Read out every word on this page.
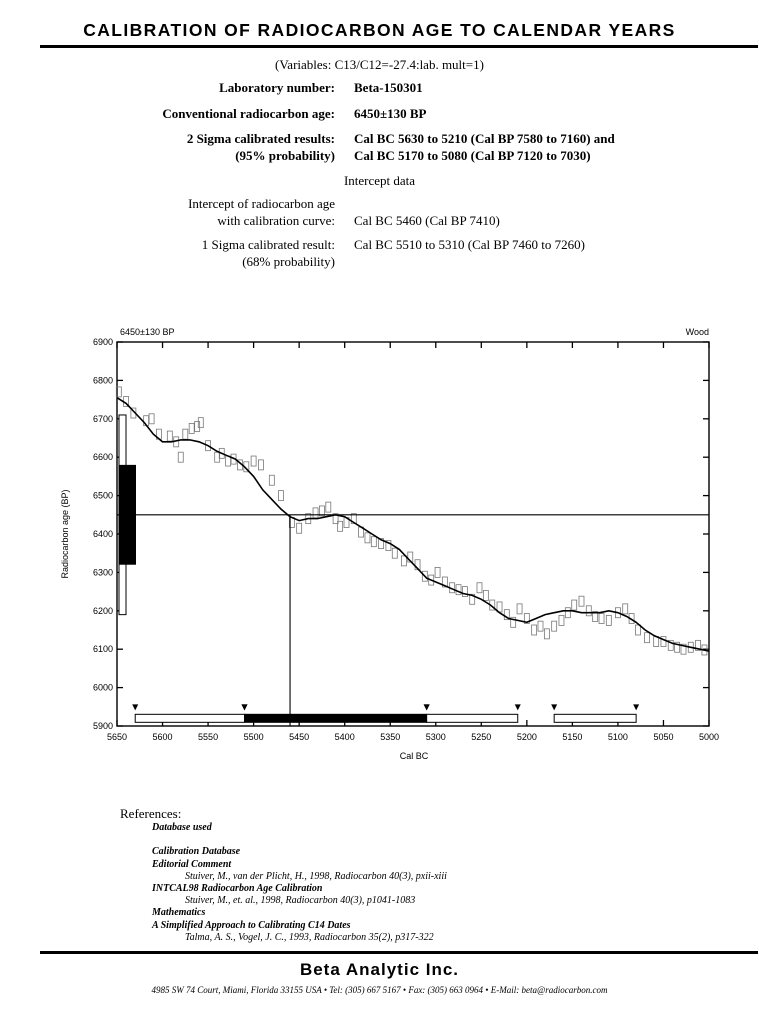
CALIBRATION OF RADIOCARBON AGE TO CALENDAR YEARS
(Variables: C13/C12=-27.4:lab. mult=1)
Laboratory number: Beta-150301
Conventional radiocarbon age: 6450±130 BP
2 Sigma calibrated results: Cal BC 5630 to 5210 (Cal BP 7580 to 7160) and
(95% probability) Cal BC 5170 to 5080 (Cal BP 7120 to 7030)
Intercept data
Intercept of radiocarbon age
with calibration curve: Cal BC 5460 (Cal BP 7410)
1 Sigma calibrated result: Cal BC 5510 to 5310 (Cal BP 7460 to 7260)
(68% probability)
6450±130 BP	Wood
Cal BC
Radiocarbon age (BP)
5650	5600	5550	5500	5450	5400	5350	5300	5250	5200	5150	5100	5050	5000
5900
6000
6100
6200
6300
6400
6500
6600
6700
6800
6900
References:
Database used
Calibration Database
Editorial Comment
Stuiver, M., van der Plicht, H., 1998, Radiocarbon 40(3), pxii-xiii
INTCAL98 Radiocarbon Age Calibration
Stuiver, M., et. al., 1998, Radiocarbon 40(3), p1041-1083
Mathematics
A Simplified Approach to Calibrating C14 Dates
Talma, A. S., Vogel, J. C., 1993, Radiocarbon 35(2), p317-322
Beta Analytic Inc.
4985 SW 74 Court, Miami, Florida 33155 USA • Tel: (305) 667 5167 • Fax: (305) 663 0964 • E-Mail: beta@radiocarbon.com
